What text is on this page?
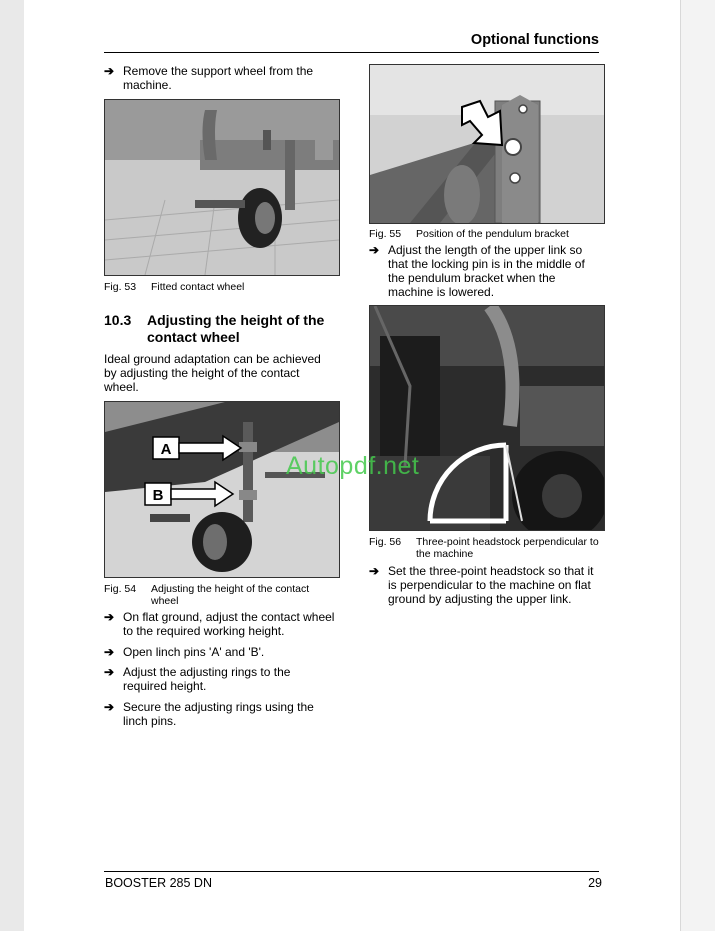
Optional functions
➔ Remove the support wheel from the machine.
Fig. 53 Fitted contact wheel
10.3 Adjusting the height of the contact wheel
Ideal ground adaptation can be achieved by adjusting the height of the contact wheel.
A
B
Fig. 54 Adjusting the height of the contact wheel
➔ On flat ground, adjust the contact wheel to the required working height.
➔ Open linch pins 'A' and 'B'.
➔ Adjust the adjusting rings to the required height.
➔ Secure the adjusting rings using the linch pins.
Fig. 55 Position of the pendulum bracket
➔ Adjust the length of the upper link so that the locking pin is in the middle of the pendulum bracket when the machine is lowered.
Fig. 56 Three-point headstock perpendicular to the machine
➔ Set the three-point headstock so that it is perpendicular to the machine on flat ground by adjusting the upper link.
Autopdf.net
BOOSTER 285 DN	29
